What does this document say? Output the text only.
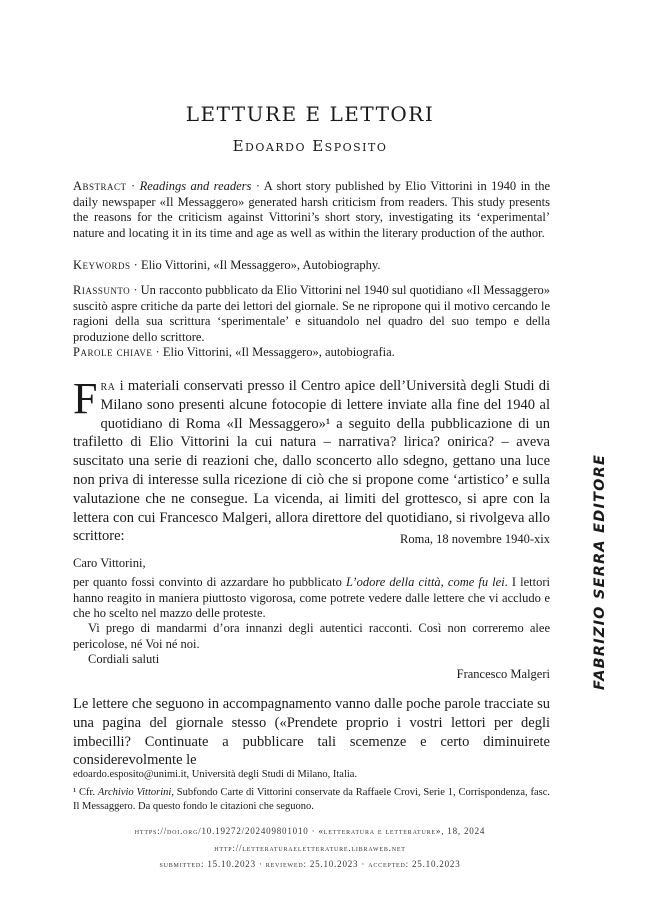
LETTURE E LETTORI
Edoardo Esposito

Abstract · Readings and readers · A short story published by Elio Vittorini in 1940 in the daily newspaper «Il Messaggero» generated harsh criticism from readers. This study presents the reasons for the criticism against Vittorini’s short story, investigating its ‘experimental’ nature and locating it in its time and age as well as within the literary production of the author.

Keywords · Elio Vittorini, «Il Messaggero», Autobiography.

Riassunto · Un racconto pubblicato da Elio Vittorini nel 1940 sul quotidiano «Il Messaggero» suscitò aspre critiche da parte dei lettori del giornale. Se ne ripropone qui il motivo cercando le ragioni della sua scrittura ‘sperimentale’ e situandolo nel quadro del suo tempo e della produzione dello scrittore.

Parole chiave · Elio Vittorini, «Il Messaggero», autobiografia.

Fra i materiali conservati presso il Centro apice dell’Università degli Studi di Milano sono presenti alcune fotocopie di lettere inviate alla fine del 1940 al quotidiano di Roma «Il Messaggero»¹ a seguito della pubblicazione di un trafiletto di Elio Vittorini la cui natura – narrativa? lirica? onirica? – aveva suscitato una serie di reazioni che, dallo sconcerto allo sdegno, gettano una luce non priva di interesse sulla ricezione di ciò che si propone come ‘artistico’ e sulla valutazione che ne consegue. La vicenda, ai limiti del grottesco, si apre con la lettera con cui Francesco Malgeri, allora direttore del quotidiano, si rivolgeva allo scrittore:	Roma, 18 novembre 1940-xix
Caro Vittorini,

per quanto fossi convinto di azzardare ho pubblicato L’odore della città, come fu lei. I lettori hanno reagito in maniera piuttosto vigorosa, come potrete vedere dalle lettere che vi accludo e che ho scelto nel mazzo delle proteste.

Vi prego di mandarmi d’ora innanzi degli autentici racconti. Così non correremo alee pericolose, né Voi né noi.

Cordiali saluti
Francesco Malgeri

Le lettere che seguono in accompagnamento vanno dalle poche parole tracciate su una pagina del giornale stesso («Prendete proprio i vostri lettori per degli imbecilli? Continuate a pubblicare tali scemenze e certo diminuirete considerevolmente le

edoardo.esposito@unimi.it, Università degli Studi di Milano, Italia.

¹ Cfr. Archivio Vittorini, Subfondo Carte di Vittorini conservate da Raffaele Crovi, Serie 1, Corrispondenza, fasc. Il Messaggero. Da questo fondo le citazioni che seguono.

https://doi.org/10.19272/202409801010 · «letteratura e letterature», 18, 2024
http://letteraturaeletterature.libraweb.net
submitted: 15.10.2023 · reviewed: 25.10.2023 · accepted: 25.10.2023
FABRIZIO SERRA EDITORE
